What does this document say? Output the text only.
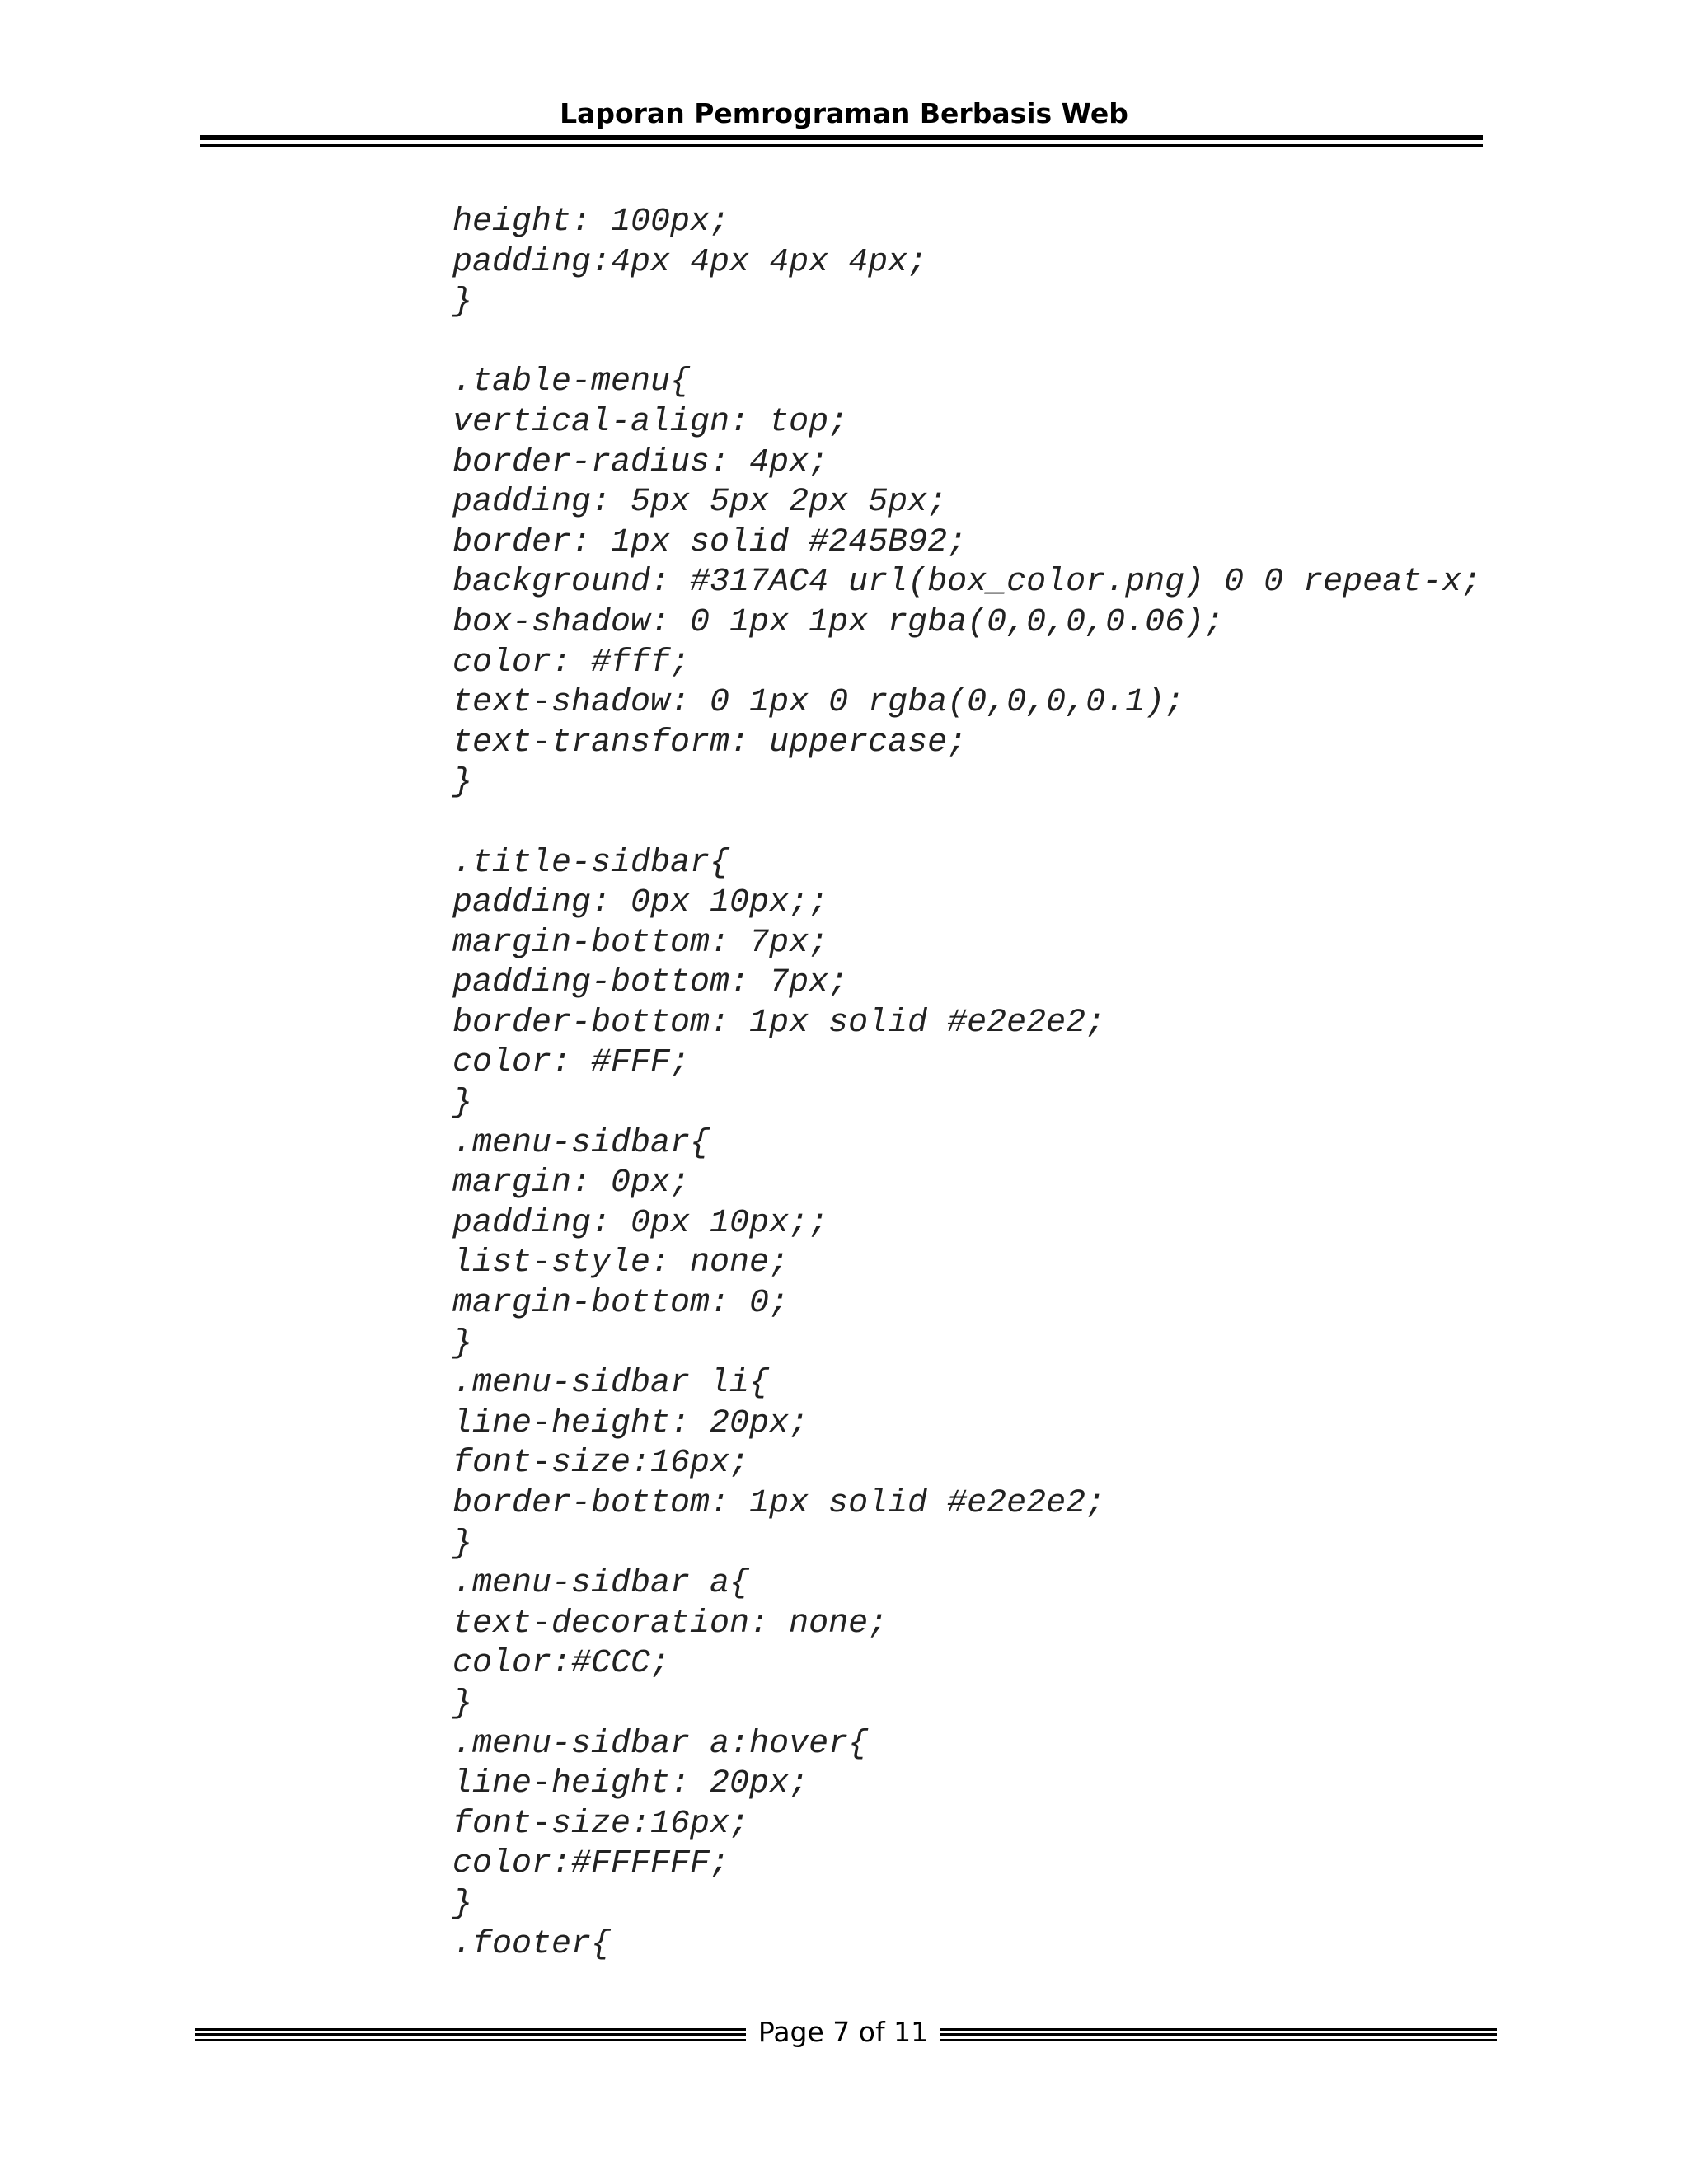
Laporan Pemrograman Berbasis Web
height: 100px;
padding:4px 4px 4px 4px;
}
.table-menu{
vertical-align: top;
border-radius: 4px;
padding: 5px 5px 2px 5px;
border: 1px solid #245B92;
background: #317AC4 url(box_color.png) 0 0 repeat-x;
box-shadow: 0 1px 1px rgba(0,0,0,0.06);
color: #fff;
text-shadow: 0 1px 0 rgba(0,0,0,0.1);
text-transform: uppercase;
}
.title-sidbar{
padding: 0px 10px;;
margin-bottom: 7px;
padding-bottom: 7px;
border-bottom: 1px solid #e2e2e2;
color: #FFF;
}
.menu-sidbar{
margin: 0px;
padding: 0px 10px;;
list-style: none;
margin-bottom: 0;
}
.menu-sidbar li{
line-height: 20px;
font-size:16px;
border-bottom: 1px solid #e2e2e2;
}
.menu-sidbar a{
text-decoration: none;
color:#CCC;
}
.menu-sidbar a:hover{
line-height: 20px;
font-size:16px;
color:#FFFFFF;
}
.footer{
Page 7 of 11
